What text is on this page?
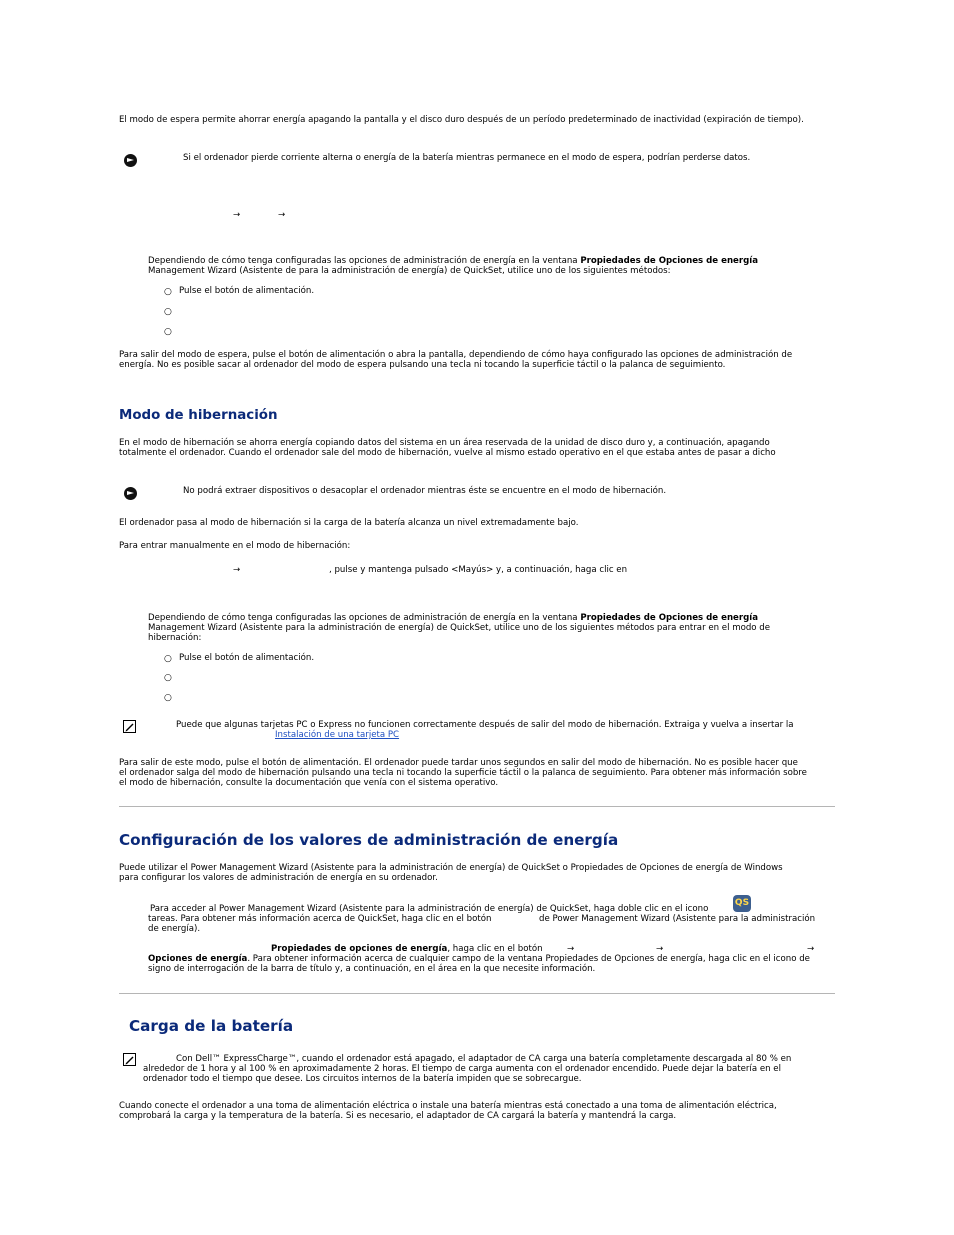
El modo de espera permite ahorrar energía apagando la pantalla y el disco duro después de un período predeterminado de inactividad (expiración de tiempo).
Si el ordenador pierde corriente alterna o energía de la batería mientras permanece en el modo de espera, podrían perderse datos.
→	→
Dependiendo de cómo tenga configuradas las opciones de administración de energía en la ventana Propiedades de Opciones de energía
Management Wizard (Asistente de para la administración de energía) de QuickSet, utilice uno de los siguientes métodos:
○ Pulse el botón de alimentación.
○
○
Para salir del modo de espera, pulse el botón de alimentación o abra la pantalla, dependiendo de cómo haya configurado las opciones de administración de
energía. No es posible sacar al ordenador del modo de espera pulsando una tecla ni tocando la superficie táctil o la palanca de seguimiento.
Modo de hibernación
En el modo de hibernación se ahorra energía copiando datos del sistema en un área reservada de la unidad de disco duro y, a continuación, apagando
totalmente el ordenador. Cuando el ordenador sale del modo de hibernación, vuelve al mismo estado operativo en el que estaba antes de pasar a dicho
No podrá extraer dispositivos o desacoplar el ordenador mientras éste se encuentre en el modo de hibernación.
El ordenador pasa al modo de hibernación si la carga de la batería alcanza un nivel extremadamente bajo.
Para entrar manualmente en el modo de hibernación:
→	, pulse y mantenga pulsado <Mayús> y, a continuación, haga clic en
Dependiendo de cómo tenga configuradas las opciones de administración de energía en la ventana Propiedades de Opciones de energía
Management Wizard (Asistente para la administración de energía) de QuickSet, utilice uno de los siguientes métodos para entrar en el modo de
hibernación:
○ Pulse el botón de alimentación.
○
○
Puede que algunas tarjetas PC o Express no funcionen correctamente después de salir del modo de hibernación. Extraiga y vuelva a insertar la
Instalación de una tarjeta PC
Para salir de este modo, pulse el botón de alimentación. El ordenador puede tardar unos segundos en salir del modo de hibernación. No es posible hacer que
el ordenador salga del modo de hibernación pulsando una tecla ni tocando la superficie táctil o la palanca de seguimiento. Para obtener más información sobre
el modo de hibernación, consulte la documentación que venía con el sistema operativo.
Configuración de los valores de administración de energía
Puede utilizar el Power Management Wizard (Asistente para la administración de energía) de QuickSet o Propiedades de Opciones de energía de Windows
para configurar los valores de administración de energía en su ordenador.
Para acceder al Power Management Wizard (Asistente para la administración de energía) de QuickSet, haga doble clic en el icono
QS
tareas. Para obtener más información acerca de QuickSet, haga clic en el botón	de Power Management Wizard (Asistente para la administración
de energía).
Propiedades de opciones de energía, haga clic en el botón	→	→	→
Opciones de energía. Para obtener información acerca de cualquier campo de la ventana Propiedades de Opciones de energía, haga clic en el icono de
signo de interrogación de la barra de título y, a continuación, en el área en la que necesite información.
Carga de la batería
Con Dell™ ExpressCharge™, cuando el ordenador está apagado, el adaptador de CA carga una batería completamente descargada al 80 % en
alrededor de 1 hora y al 100 % en aproximadamente 2 horas. El tiempo de carga aumenta con el ordenador encendido. Puede dejar la batería en el
ordenador todo el tiempo que desee. Los circuitos internos de la batería impiden que se sobrecargue.
Cuando conecte el ordenador a una toma de alimentación eléctrica o instale una batería mientras está conectado a una toma de alimentación eléctrica,
comprobará la carga y la temperatura de la batería. Si es necesario, el adaptador de CA cargará la batería y mantendrá la carga.
